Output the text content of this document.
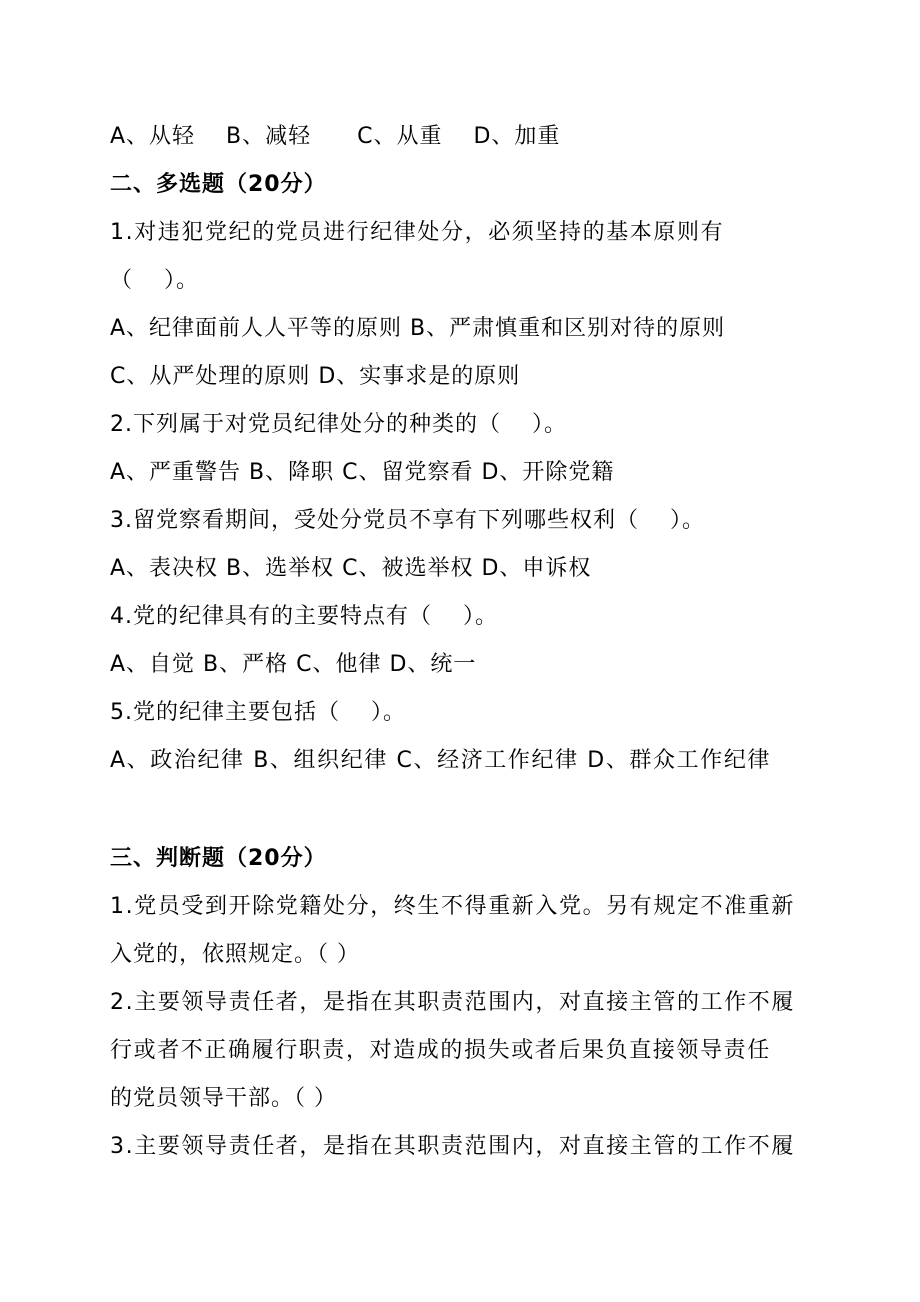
A、从轻　 B、减轻　　C、从重　 D、加重
二、多选题（20分）
1.对违犯党纪的党员进行纪律处分，必须坚持的基本原则有
（　 ）。
A、纪律面前人人平等的原则 B、严肃慎重和区别对待的原则
C、从严处理的原则 D、实事求是的原则
2.下列属于对党员纪律处分的种类的（　 ）。
A、严重警告 B、降职 C、留党察看 D、开除党籍
3.留党察看期间，受处分党员不享有下列哪些权利（　 ）。
A、表决权 B、选举权 C、被选举权 D、申诉权
4.党的纪律具有的主要特点有（　 ）。
A、自觉 B、严格 C、他律 D、统一
5.党的纪律主要包括（　 ）。
A、政治纪律 B、组织纪律 C、经济工作纪律 D、群众工作纪律
三、判断题（20分）
1.党员受到开除党籍处分，终生不得重新入党。另有规定不准重新
入党的，依照规定。（ ）
2.主要领导责任者，是指在其职责范围内，对直接主管的工作不履
行或者不正确履行职责，对造成的损失或者后果负直接领导责任
的党员领导干部。（ ）
3.主要领导责任者，是指在其职责范围内，对直接主管的工作不履
